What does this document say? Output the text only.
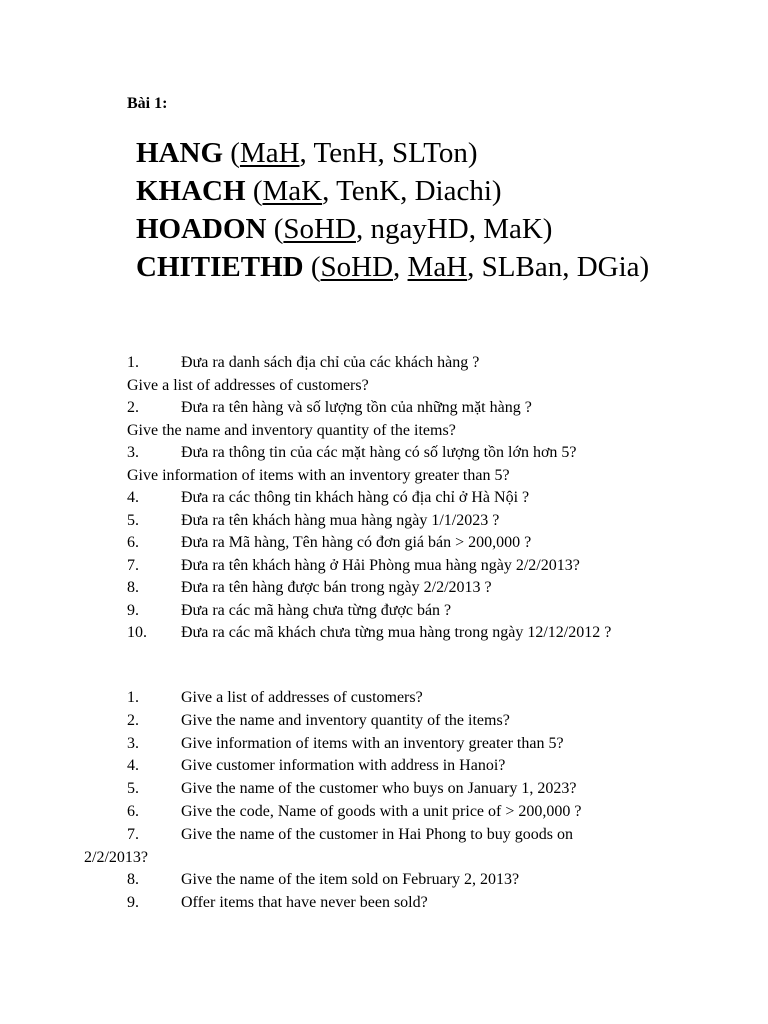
Bài 1:
HANG (MaH, TenH, SLTon)
KHACH (MaK, TenK, Diachi)
HOADON (SoHD, ngayHD, MaK)
CHITIETHD (SoHD, MaH, SLBan, DGia)
1.	Đưa ra danh sách địa chỉ của các khách hàng ?
Give a list of addresses of customers?
2.	Đưa ra tên hàng và số lượng tồn của những mặt hàng ?
Give the name and inventory quantity of the items?
3.	Đưa ra thông tin của các mặt hàng có số lượng tồn lớn hơn 5?
Give information of items with an inventory greater than 5?
4.	Đưa ra các thông tin khách hàng có địa chỉ ở Hà Nội ?
5.	Đưa ra tên khách hàng mua hàng ngày 1/1/2023 ?
6.	Đưa ra Mã hàng, Tên hàng có đơn giá bán > 200,000 ?
7.	Đưa ra tên khách hàng ở Hải Phòng mua hàng ngày 2/2/2013?
8.	Đưa ra tên hàng được bán trong ngày 2/2/2013 ?
9.	Đưa ra các mã hàng chưa từng được bán ?
10. Đưa ra các mã khách chưa từng mua hàng trong ngày 12/12/2012 ?
1.	Give a list of addresses of customers?
2.	Give the name and inventory quantity of the items?
3.	Give information of items with an inventory greater than 5?
4.	Give customer information with address in Hanoi?
5.	Give the name of the customer who buys on January 1, 2023?
6.	Give the code, Name of goods with a unit price of > 200,000 ?
7.	Give the name of the customer in Hai Phong to buy goods on
2/2/2013?
8.	Give the name of the item sold on February 2, 2013?
9.	Offer items that have never been sold?
